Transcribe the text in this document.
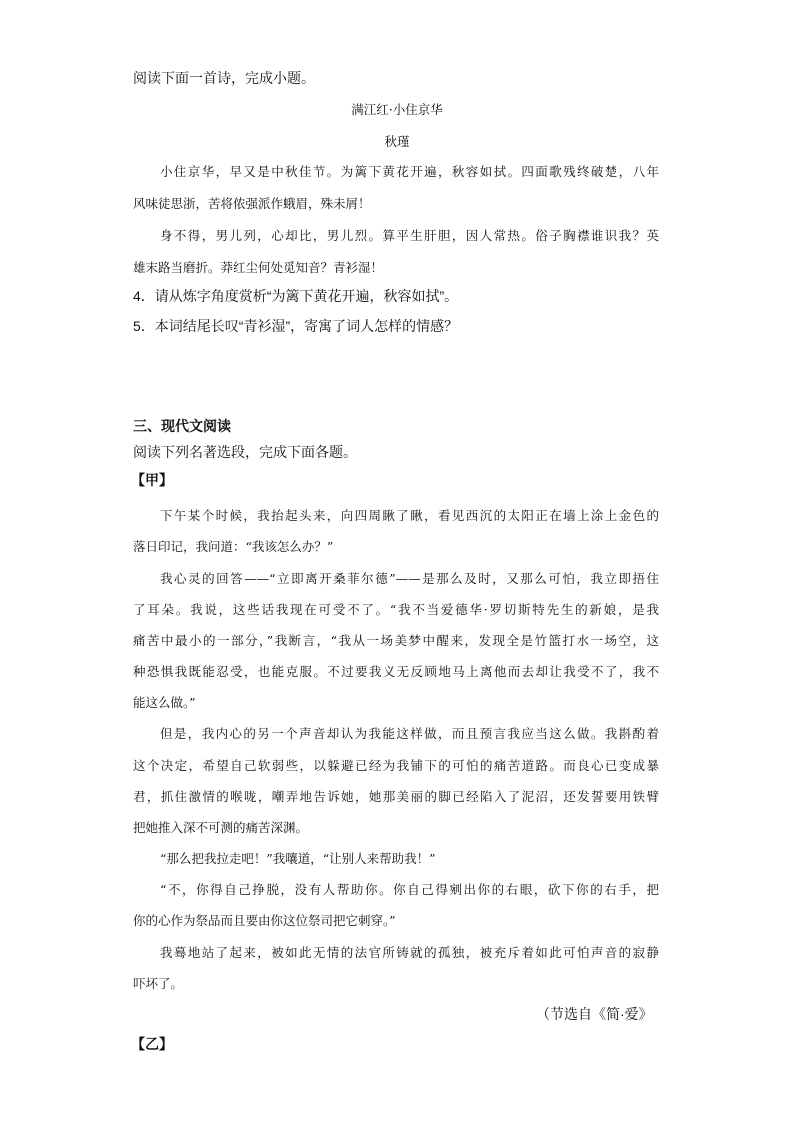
阅读下面一首诗，完成小题。
满江红·小住京华
秋瑾
小住京华，早又是中秋佳节。为篱下黄花开遍，秋容如拭。四面歌残终破楚，八年
风味徒思浙，苦将侬强派作蛾眉，殊未屑！
身不得，男儿列，心却比，男儿烈。算平生肝胆，因人常热。俗子胸襟谁识我？英
雄末路当磨折。莽红尘何处觅知音？青衫湿！
4．请从炼字角度赏析“为篱下黄花开遍，秋容如拭”。
5．本词结尾长叹“青衫湿”，寄寓了词人怎样的情感？
三、现代文阅读
阅读下列名著选段，完成下面各题。
【甲】
下午某个时候，我抬起头来，向四周瞅了瞅，看见西沉的太阳正在墙上涂上金色的
落日印记，我问道：“我该怎么办？”
我心灵的回答——“立即离开桑菲尔德”——是那么及时，又那么可怕，我立即捂住
了耳朵。我说，这些话我现在可受不了。“我不当爱德华·罗切斯特先生的新娘，是我
痛苦中最小的一部分，”我断言，“我从一场美梦中醒来，发现全是竹篮打水一场空，这
种恐惧我既能忍受，也能克服。不过要我义无反顾地马上离他而去却让我受不了，我不
能这么做。”
但是，我内心的另一个声音却认为我能这样做，而且预言我应当这么做。我斟酌着
这个决定，希望自己软弱些，以躲避已经为我铺下的可怕的痛苦道路。而良心已变成暴
君，抓住激情的喉咙，嘲弄地告诉她，她那美丽的脚已经陷入了泥沼，还发誓要用铁臂
把她推入深不可测的痛苦深渊。
“那么把我拉走吧！”我嚷道，“让别人来帮助我！”
“不，你得自己挣脱，没有人帮助你。你自己得剜出你的右眼，砍下你的右手，把
你的心作为祭品而且要由你这位祭司把它刺穿。”
我蓦地站了起来，被如此无情的法官所铸就的孤独，被充斥着如此可怕声音的寂静
吓坏了。
（节选自《简·爱》
【乙】
